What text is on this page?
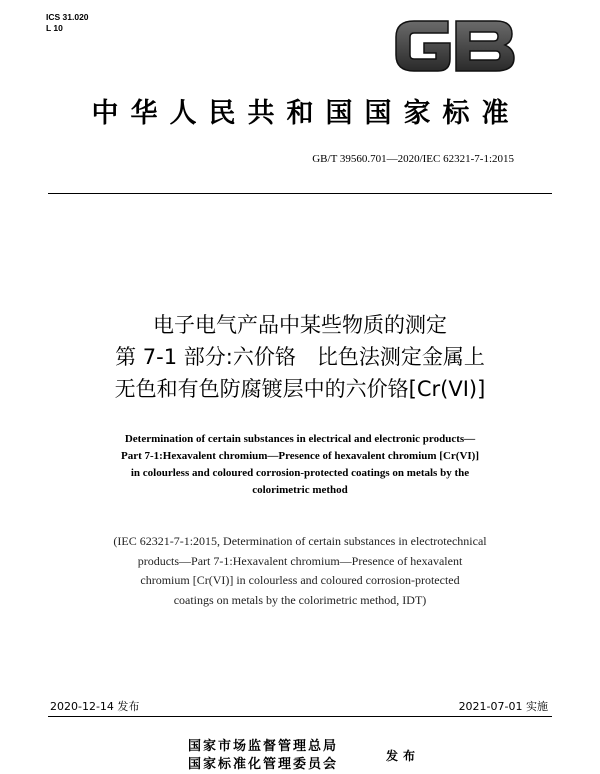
ICS 31.020
L 10
中华人民共和国国家标准
GB/T 39560.701—2020/IEC 62321-7-1:2015
电子电气产品中某些物质的测定
第 7-1 部分:六价铬　比色法测定金属上
无色和有色防腐镀层中的六价铬[Cr(VI)]
Determination of certain substances in electrical and electronic products—
Part 7-1:Hexavalent chromium—Presence of hexavalent chromium [Cr(VI)]
in colourless and coloured corrosion-protected coatings on metals by the
colorimetric method
(IEC 62321-7-1:2015, Determination of certain substances in electrotechnical
products—Part 7-1:Hexavalent chromium—Presence of hexavalent
chromium [Cr(VI)] in colourless and coloured corrosion-protected
coatings on metals by the colorimetric method, IDT)
2020-12-14 发布	2021-07-01 实施
国家市场监督管理总局
国家标准化管理委员会
发布
